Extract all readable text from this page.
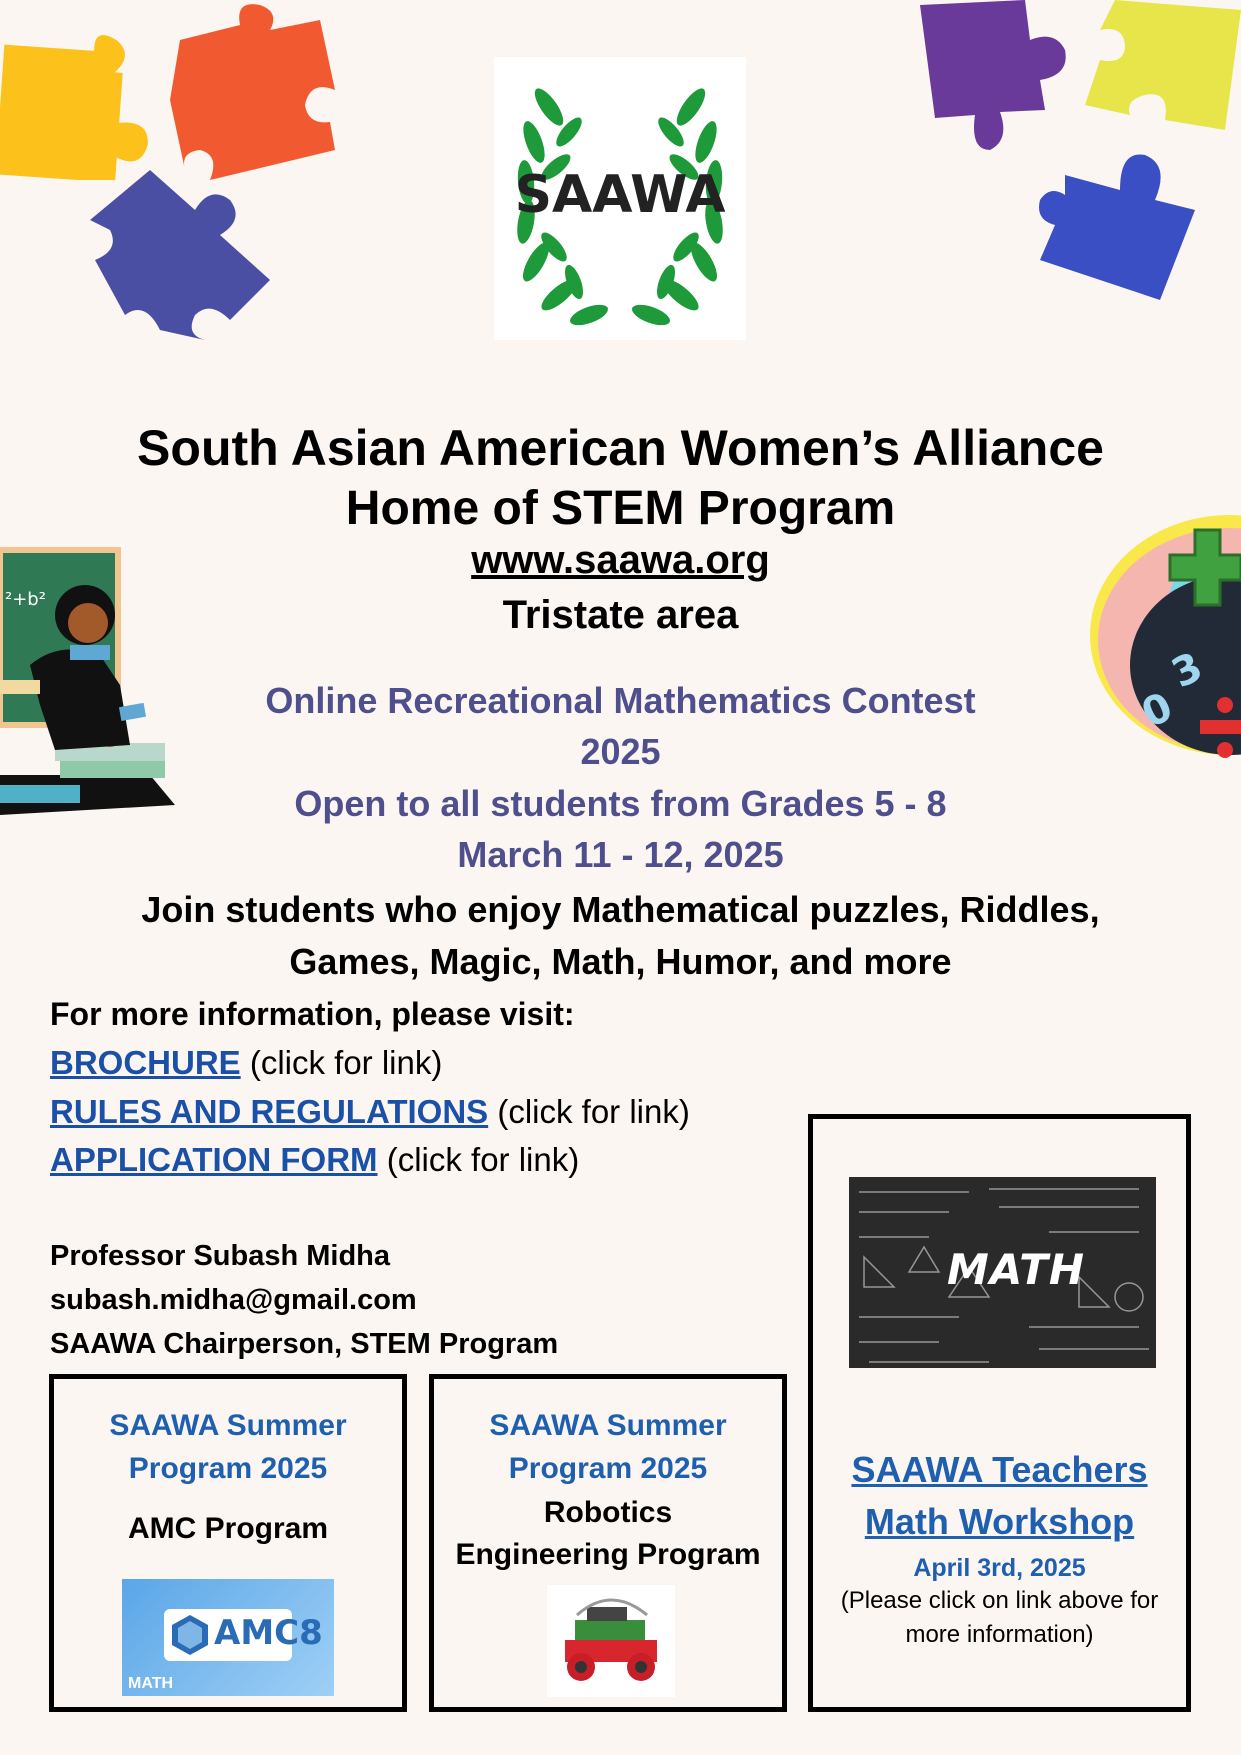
SAAWA
²+b²
3
0
South Asian American Women’s Alliance
Home of STEM Program
www.saawa.org
Tristate area
Online Recreational Mathematics Contest
2025
Open to all students from Grades 5 - 8
March 11 - 12, 2025
Join students who enjoy Mathematical puzzles, Riddles,
Games, Magic, Math, Humor, and more
For more information, please visit:
BROCHURE (click for link)
RULES AND REGULATIONS (click for link)
APPLICATION FORM (click for link)
Professor Subash Midha
subash.midha@gmail.com
SAAWA Chairperson, STEM Program
SAAWA Summer
Program 2025
AMC Program
AMC8
MATH
SAAWA Summer
Program 2025
Robotics
Engineering Program
MATH
SAAWA Teachers
Math Workshop
April 3rd, 2025
(Please click on link above for
more information)
